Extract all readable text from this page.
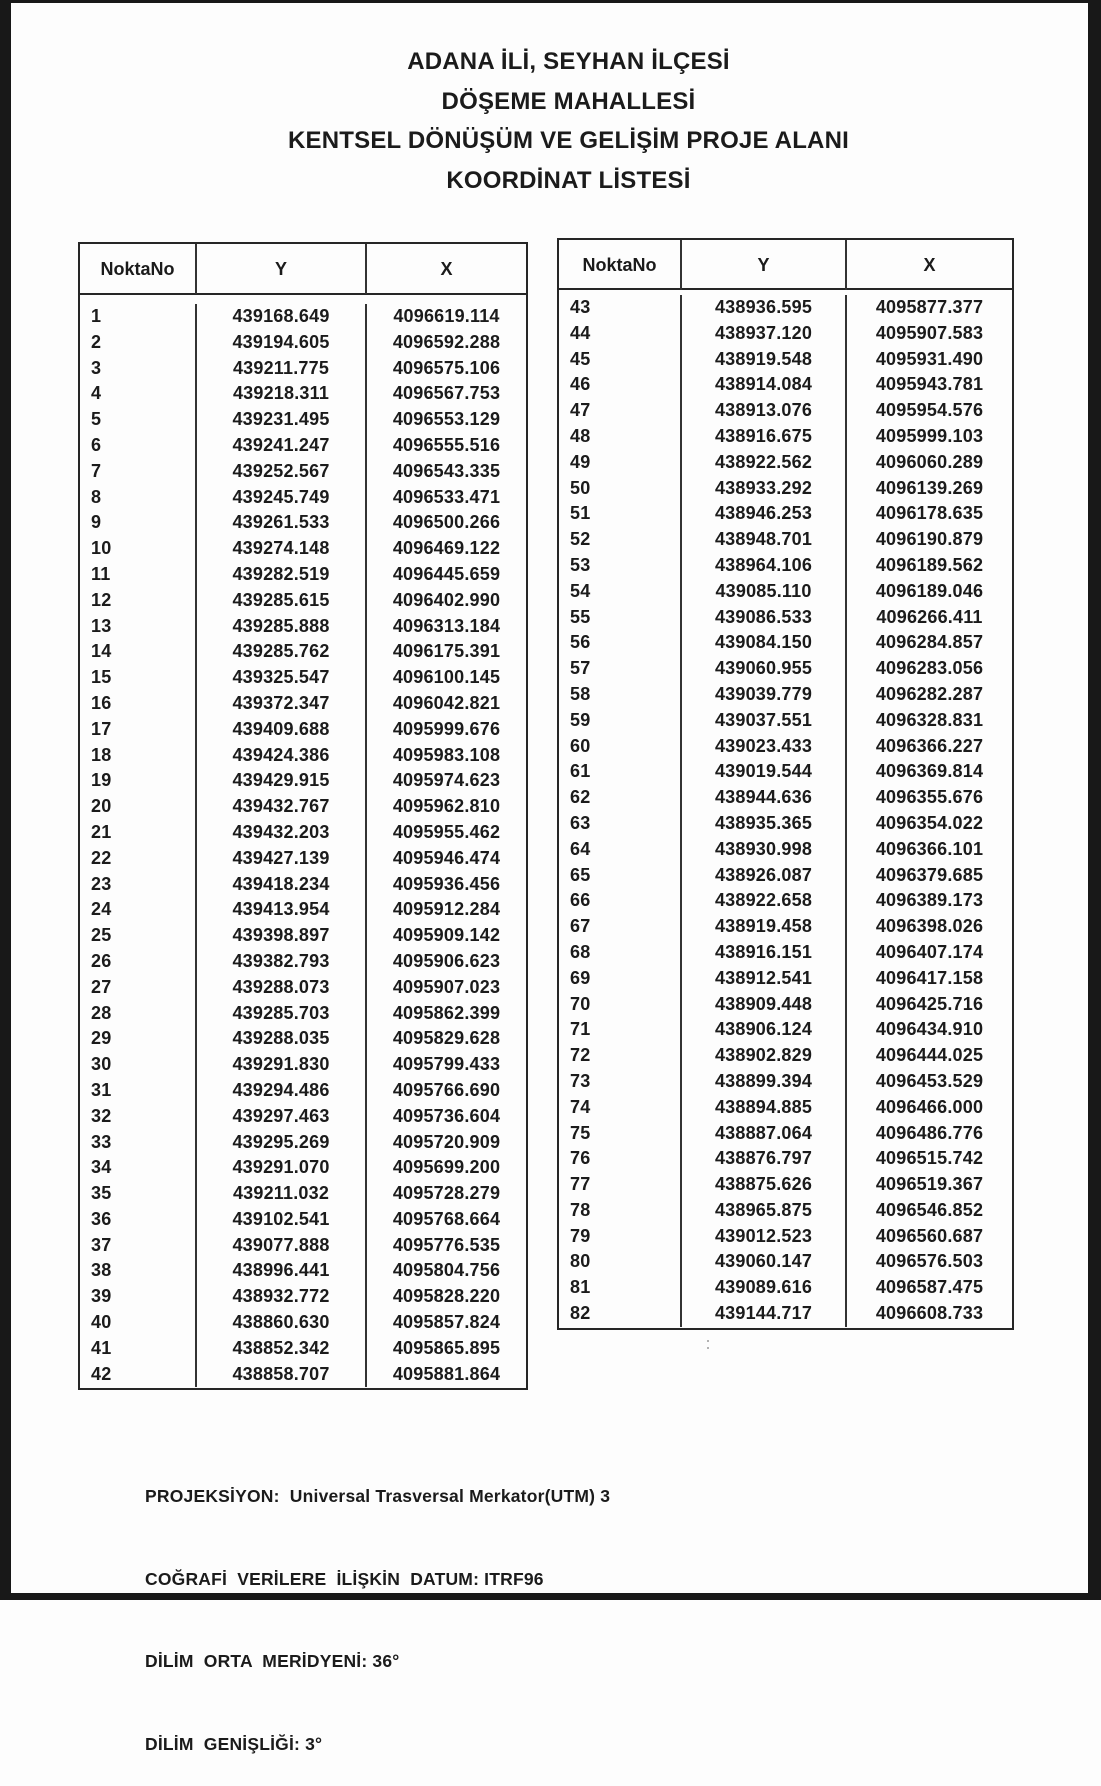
ADANA İLİ, SEYHAN İLÇESİ
DÖŞEME MAHALLESİ
KENTSEL DÖNÜŞÜM VE GELİŞİM PROJE ALANI
KOORDİNAT LİSTESİ
NoktaNo	Y	X
1	439168.649	4096619.114
2	439194.605	4096592.288
3	439211.775	4096575.106
4	439218.311	4096567.753
5	439231.495	4096553.129
6	439241.247	4096555.516
7	439252.567	4096543.335
8	439245.749	4096533.471
9	439261.533	4096500.266
10	439274.148	4096469.122
11	439282.519	4096445.659
12	439285.615	4096402.990
13	439285.888	4096313.184
14	439285.762	4096175.391
15	439325.547	4096100.145
16	439372.347	4096042.821
17	439409.688	4095999.676
18	439424.386	4095983.108
19	439429.915	4095974.623
20	439432.767	4095962.810
21	439432.203	4095955.462
22	439427.139	4095946.474
23	439418.234	4095936.456
24	439413.954	4095912.284
25	439398.897	4095909.142
26	439382.793	4095906.623
27	439288.073	4095907.023
28	439285.703	4095862.399
29	439288.035	4095829.628
30	439291.830	4095799.433
31	439294.486	4095766.690
32	439297.463	4095736.604
33	439295.269	4095720.909
34	439291.070	4095699.200
35	439211.032	4095728.279
36	439102.541	4095768.664
37	439077.888	4095776.535
38	438996.441	4095804.756
39	438932.772	4095828.220
40	438860.630	4095857.824
41	438852.342	4095865.895
42	438858.707	4095881.864
NoktaNo	Y	X
43	438936.595	4095877.377
44	438937.120	4095907.583
45	438919.548	4095931.490
46	438914.084	4095943.781
47	438913.076	4095954.576
48	438916.675	4095999.103
49	438922.562	4096060.289
50	438933.292	4096139.269
51	438946.253	4096178.635
52	438948.701	4096190.879
53	438964.106	4096189.562
54	439085.110	4096189.046
55	439086.533	4096266.411
56	439084.150	4096284.857
57	439060.955	4096283.056
58	439039.779	4096282.287
59	439037.551	4096328.831
60	439023.433	4096366.227
61	439019.544	4096369.814
62	438944.636	4096355.676
63	438935.365	4096354.022
64	438930.998	4096366.101
65	438926.087	4096379.685
66	438922.658	4096389.173
67	438919.458	4096398.026
68	438916.151	4096407.174
69	438912.541	4096417.158
70	438909.448	4096425.716
71	438906.124	4096434.910
72	438902.829	4096444.025
73	438899.394	4096453.529
74	438894.885	4096466.000
75	438887.064	4096486.776
76	438876.797	4096515.742
77	438875.626	4096519.367
78	438965.875	4096546.852
79	439012.523	4096560.687
80	439060.147	4096576.503
81	439089.616	4096587.475
82	439144.717	4096608.733

PROJEKSİYON:  Universal Trasversal Merkator(UTM) 3

COĞRAFİ  VERİLERE  İLİŞKİN  DATUM: ITRF96

DİLİM  ORTA  MERİDYENİ: 36°

DİLİM  GENİŞLİĞİ: 3°
